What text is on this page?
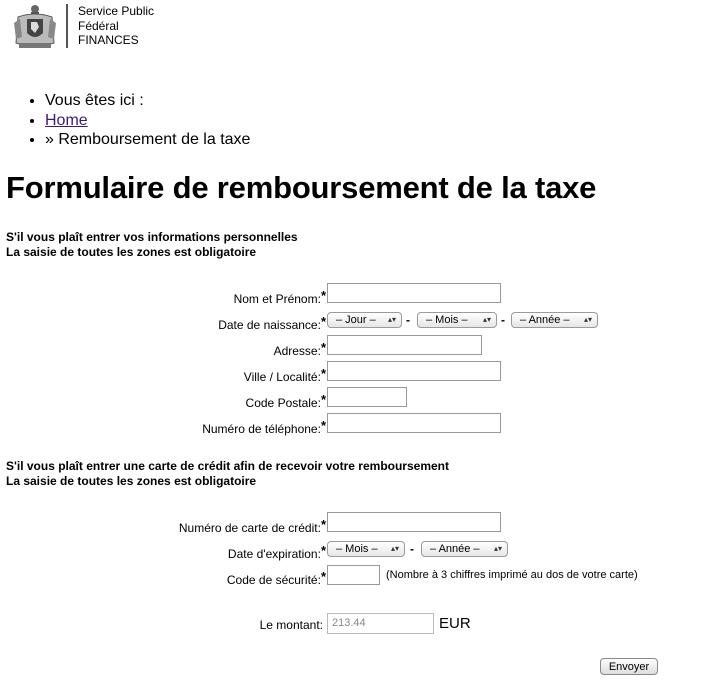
Service Public
Fédéral
FINANCES
• Vous êtes ici :
• Home
• » Remboursement de la taxe
Formulaire de remboursement de la taxe
S'il vous plaît entrer vos informations personnelles
La saisie de toutes les zones est obligatoire
Nom et Prénom:*
Date de naissance:* – Jour – ▴▾ -	– Mois – ▴▾ -	– Année – ▴▾
Adresse:*
Ville / Localité:*
Code Postale:*
Numéro de téléphone:*
S'il vous plaît entrer une carte de crédit afin de recevoir votre remboursement
La saisie de toutes les zones est obligatoire
Numéro de carte de crédit:*
Date d'expiration:* – Mois – ▴▾ -	– Année – ▴▾
Code de sécurité:*	(Nombre à 3 chiffres imprimé au dos de votre carte)
Le montant: 213.44	EUR
Envoyer
